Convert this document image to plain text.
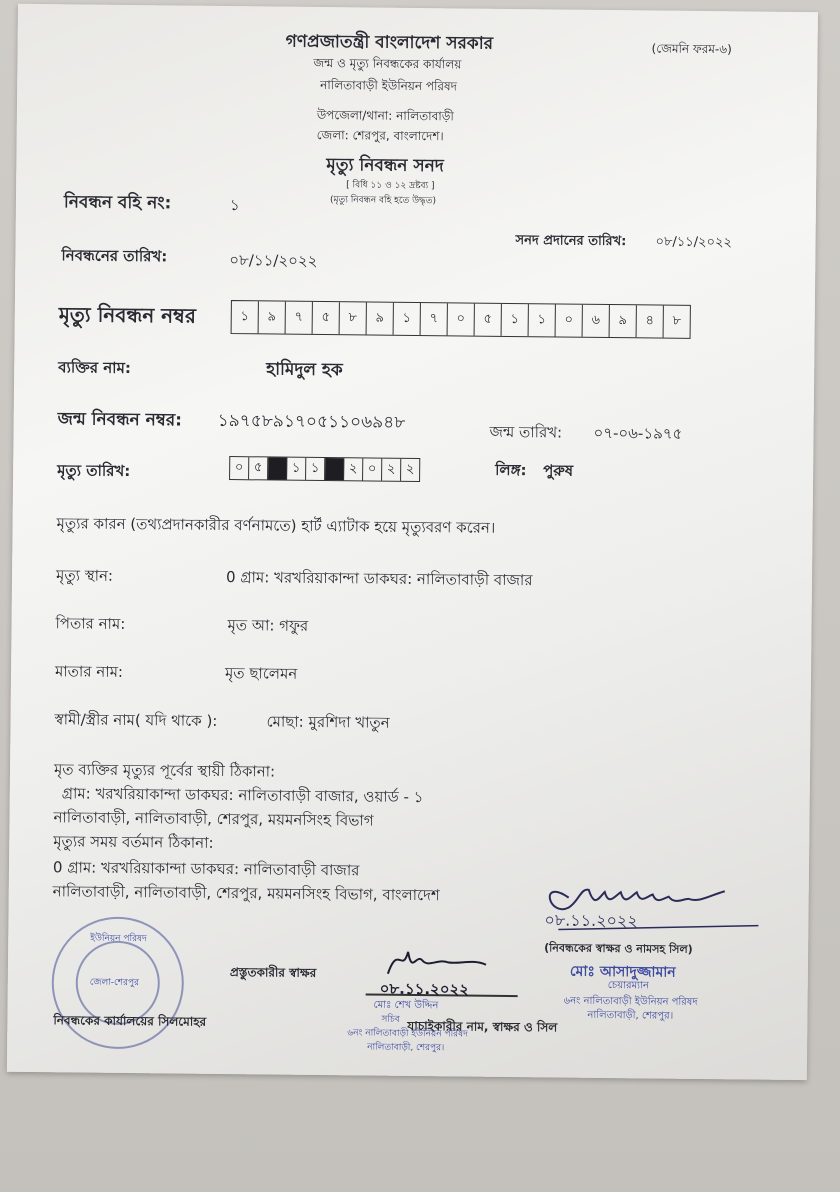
গণপ্রজাতন্ত্রী বাংলাদেশ সরকার	(জেমনি ফরম-৬)
জন্ম ও মৃত্যু নিবন্ধকের কার্যালয়
নালিতাবাড়ী ইউনিয়ন পরিষদ
উপজেলা/থানা: নালিতাবাড়ী
জেলা: শেরপুর, বাংলাদেশ।
মৃত্যু নিবন্ধন সনদ
[ বিধি ১১ ও ১২ দ্রষ্টব্য ]
(মৃত্যু নিবন্ধন বহি হতে উদ্ধৃত)
নিবন্ধন বহি নং:	১
সনদ প্রদানের তারিখ: ০৮/১১/২০২২
নিবন্ধনের তারিখ:	০৮/১১/২০২২
মৃত্যু নিবন্ধন নম্বর	১	৯	৭	৫	৮	৯	১	৭	০	৫	১	১	০	৬	৯	৪	৮
ব্যক্তির নাম:	হামিদুল হক
জন্ম নিবন্ধন নম্বর: ১৯৭৫৮৯১৭০৫১১০৬৯৪৮	জন্ম তারিখ: ০৭-০৬-১৯৭৫
মৃত্যু তারিখ:	০ ৫	১ ১	২ ০ ২ ২	লিঙ্গ: পুরুষ
মৃত্যুর কারন (তথ্যপ্রদানকারীর বর্ণনামতে) হার্ট এ্যাটাক হয়ে মৃত্যুবরণ করেন।
মৃত্যু স্থান:	0 গ্রাম: খরখরিয়াকান্দা ডাকঘর: নালিতাবাড়ী বাজার
পিতার নাম:	মৃত আ: গফুর
মাতার নাম:	মৃত ছালেমন
স্বামী/স্ত্রীর নাম( যদি থাকে ):	মোছা: মুরশিদা খাতুন
মৃত ব্যক্তির মৃত্যুর পূর্বের স্থায়ী ঠিকানা:
গ্রাম: খরখরিয়াকান্দা ডাকঘর: নালিতাবাড়ী বাজার, ওয়ার্ড - ১
নালিতাবাড়ী, নালিতাবাড়ী, শেরপুর, ময়মনসিংহ বিভাগ
মৃত্যুর সময় বর্তমান ঠিকানা:
0 গ্রাম: খরখরিয়াকান্দা ডাকঘর: নালিতাবাড়ী বাজার
নালিতাবাড়ী, নালিতাবাড়ী, শেরপুর, ময়মনসিংহ বিভাগ, বাংলাদেশ
০৮.১১.২০২২
(নিবন্ধকের স্বাক্ষর ও নামসহ সিল)
মোঃ আসাদুজ্জামান
চেয়ারম্যান
৬নং নালিতাবাড়ী ইউনিয়ন পরিষদ
নালিতাবাড়ী, শেরপুর।
ইউনিয়ন পরিষদ
জেলা-শেরপুর
নিবন্ধকের কার্যালয়ের সিলমোহর
প্রস্তুতকারীর স্বাক্ষর
০৮.১১.২০২২
মোঃ শেখ উদ্দিন
সচিব
৬নং নালিতাবাড়ী ইউনিয়ন পরিষদ
নালিতাবাড়ী, শেরপুর।
যাচাইকারীর নাম, স্বাক্ষর ও সিল
